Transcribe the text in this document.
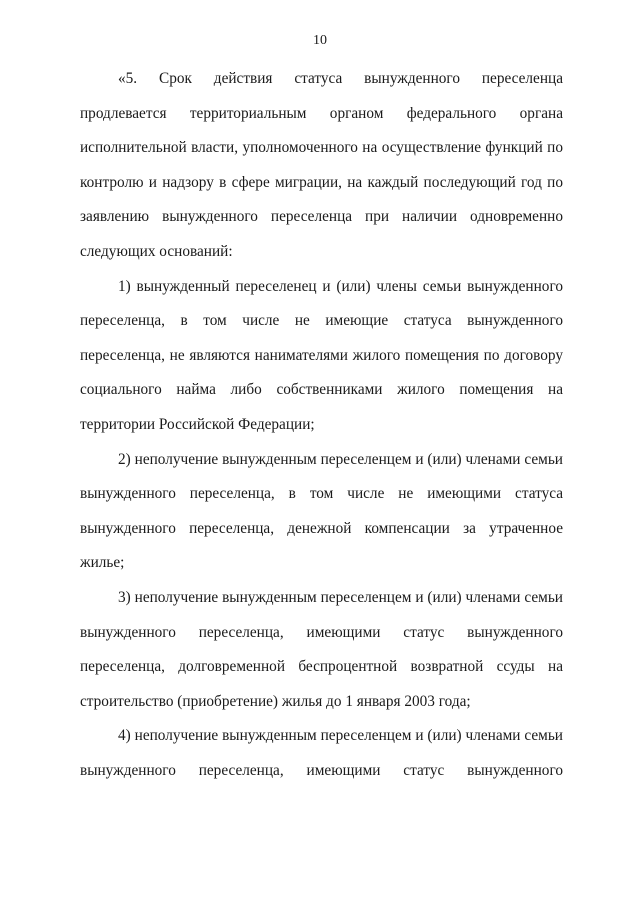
10

«5. Срок действия статуса вынужденного переселенца продлевается территориальным органом федерального органа исполнительной власти, уполномоченного на осуществление функций по контролю и надзору в сфере миграции, на каждый последующий год по заявлению вынужденного переселенца при наличии одновременно следующих оснований:

1) вынужденный переселенец и (или) члены семьи вынужденного переселенца, в том числе не имеющие статуса вынужденного переселенца, не являются нанимателями жилого помещения по договору социального найма либо собственниками жилого помещения на территории Российской Федерации;

2) неполучение вынужденным переселенцем и (или) членами семьи вынужденного переселенца, в том числе не имеющими статуса вынужденного переселенца, денежной компенсации за утраченное жилье;

3) неполучение вынужденным переселенцем и (или) членами семьи вынужденного переселенца, имеющими статус вынужденного переселенца, долговременной беспроцентной возвратной ссуды на строительство (приобретение) жилья до 1 января 2003 года;

4) неполучение вынужденным переселенцем и (или) членами семьи вынужденного переселенца, имеющими статус вынужденного
